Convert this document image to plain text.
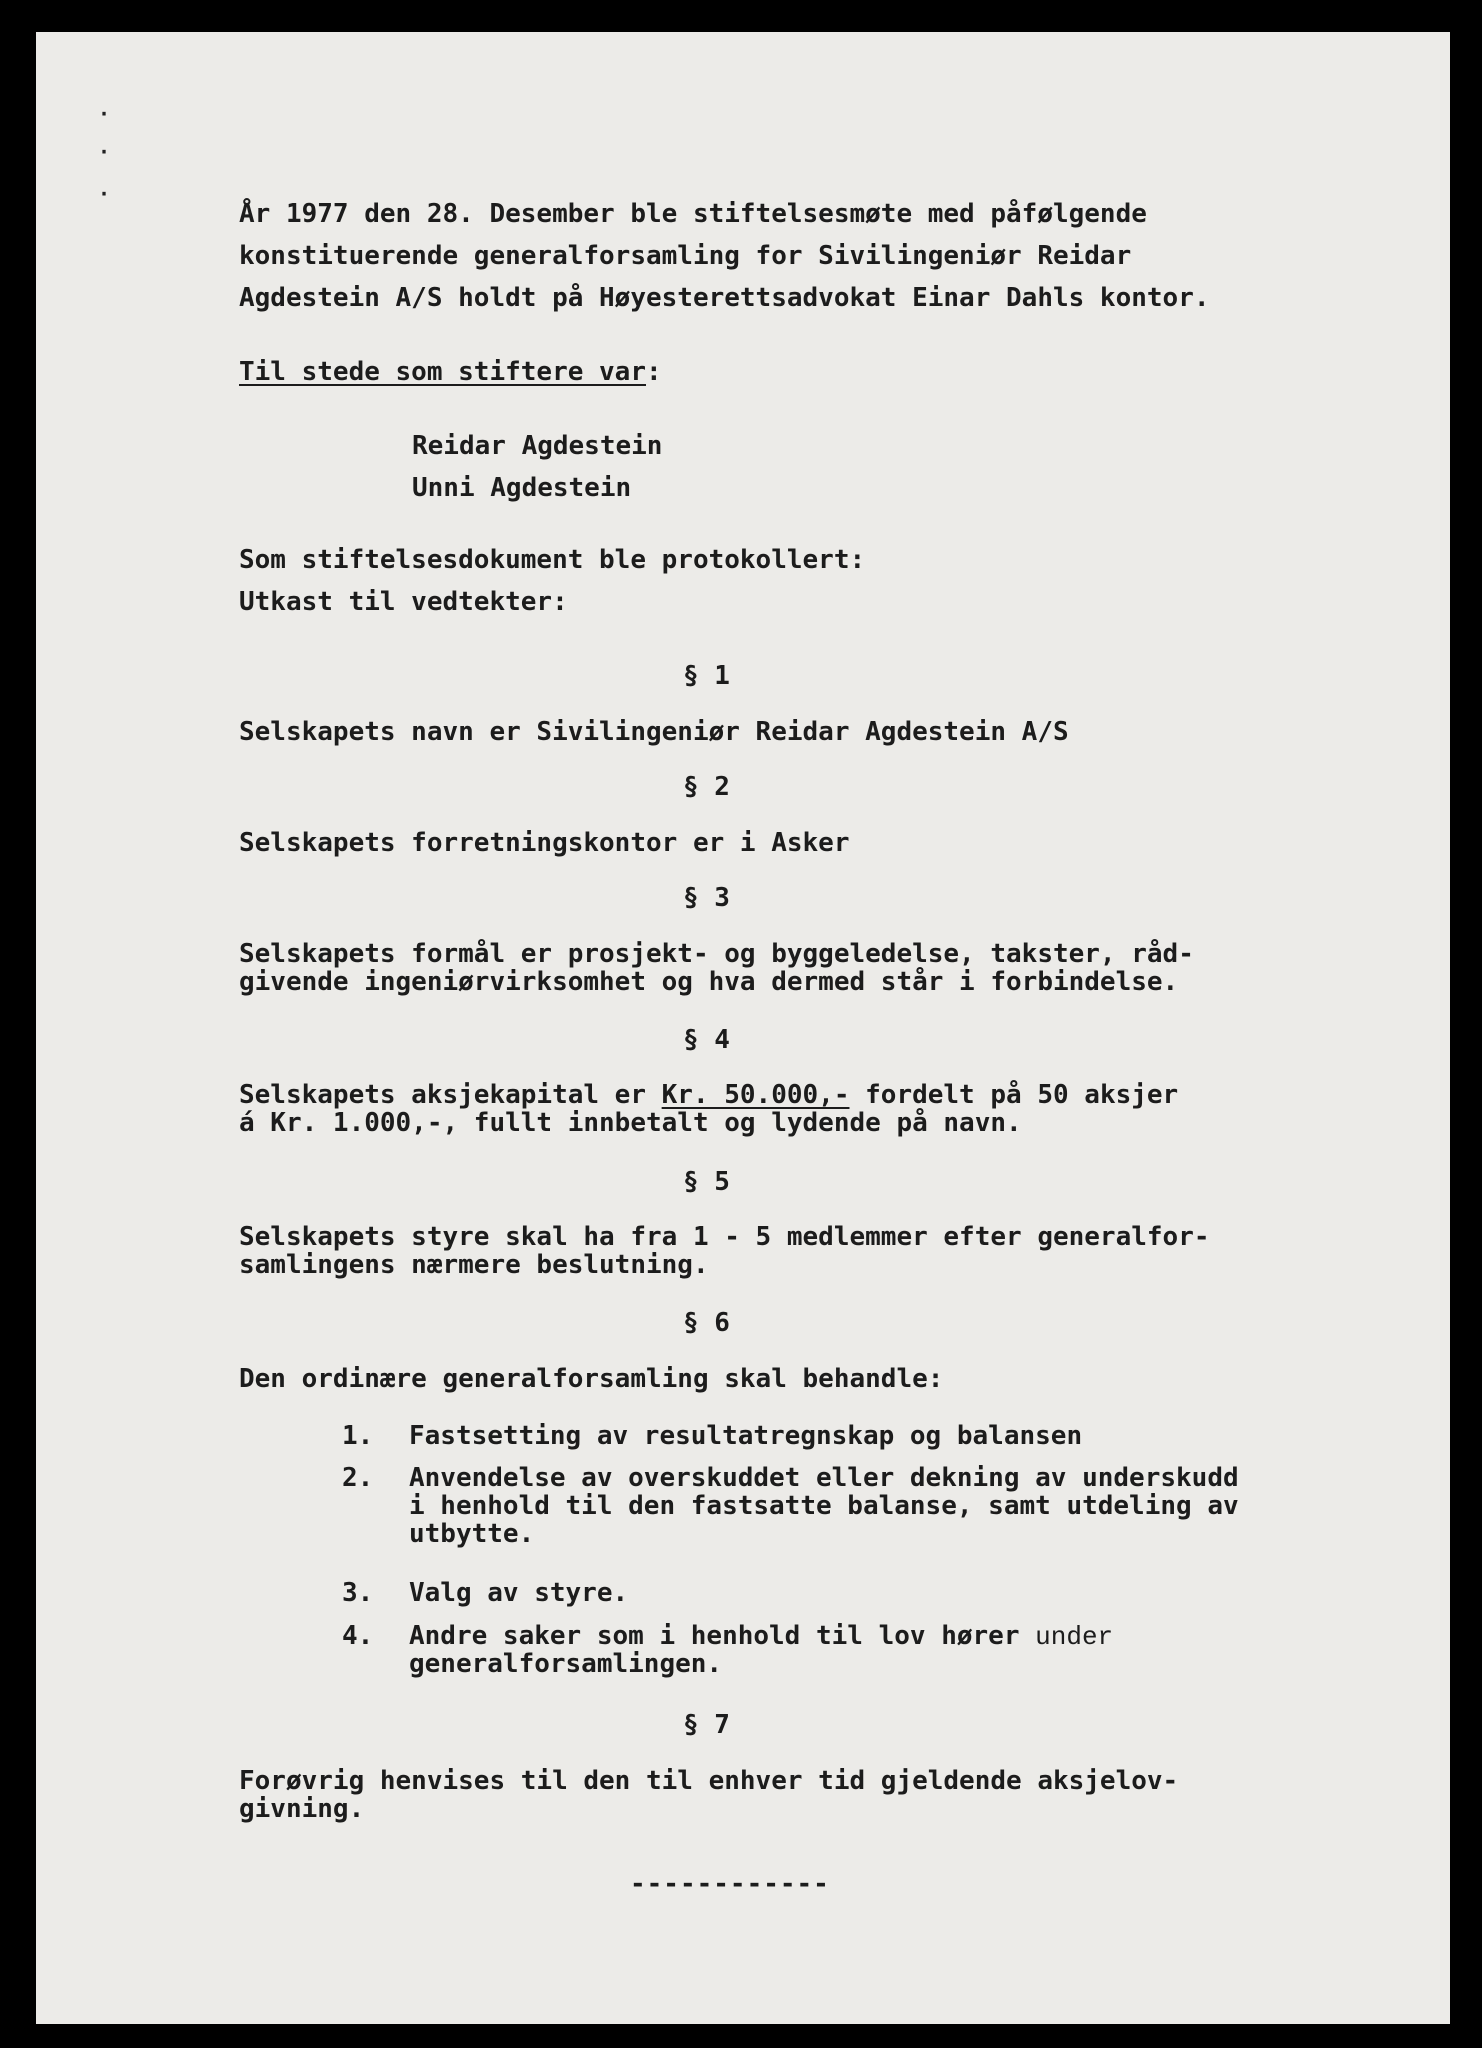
·
·
·
År 1977 den 28. Desember ble stiftelsesmøte med påfølgende
konstituerende generalforsamling for Sivilingeniør Reidar
Agdestein A/S holdt på Høyesterettsadvokat Einar Dahls kontor.
Til stede som stiftere var:
Reidar Agdestein
Unni Agdestein
Som stiftelsesdokument ble protokollert:
Utkast til vedtekter:
§ 1
Selskapets navn er Sivilingeniør Reidar Agdestein A/S
§ 2
Selskapets forretningskontor er i Asker
§ 3
Selskapets formål er prosjekt- og byggeledelse, takster, råd-
givende ingeniørvirksomhet og hva dermed står i forbindelse.
§ 4
Selskapets aksjekapital er Kr. 50.000,- fordelt på 50 aksjer
á Kr. 1.000,-, fullt innbetalt og lydende på navn.
§ 5
Selskapets styre skal ha fra 1 - 5 medlemmer efter generalfor-
samlingens nærmere beslutning.
§ 6
Den ordinære generalforsamling skal behandle:
1. Fastsetting av resultatregnskap og balansen
2. Anvendelse av overskuddet eller dekning av underskudd
i henhold til den fastsatte balanse, samt utdeling av
utbytte.
3. Valg av styre.
4. Andre saker som i henhold til lov hører under
generalforsamlingen.
§ 7
Forøvrig henvises til den til enhver tid gjeldende aksjelov-
givning.
------------
